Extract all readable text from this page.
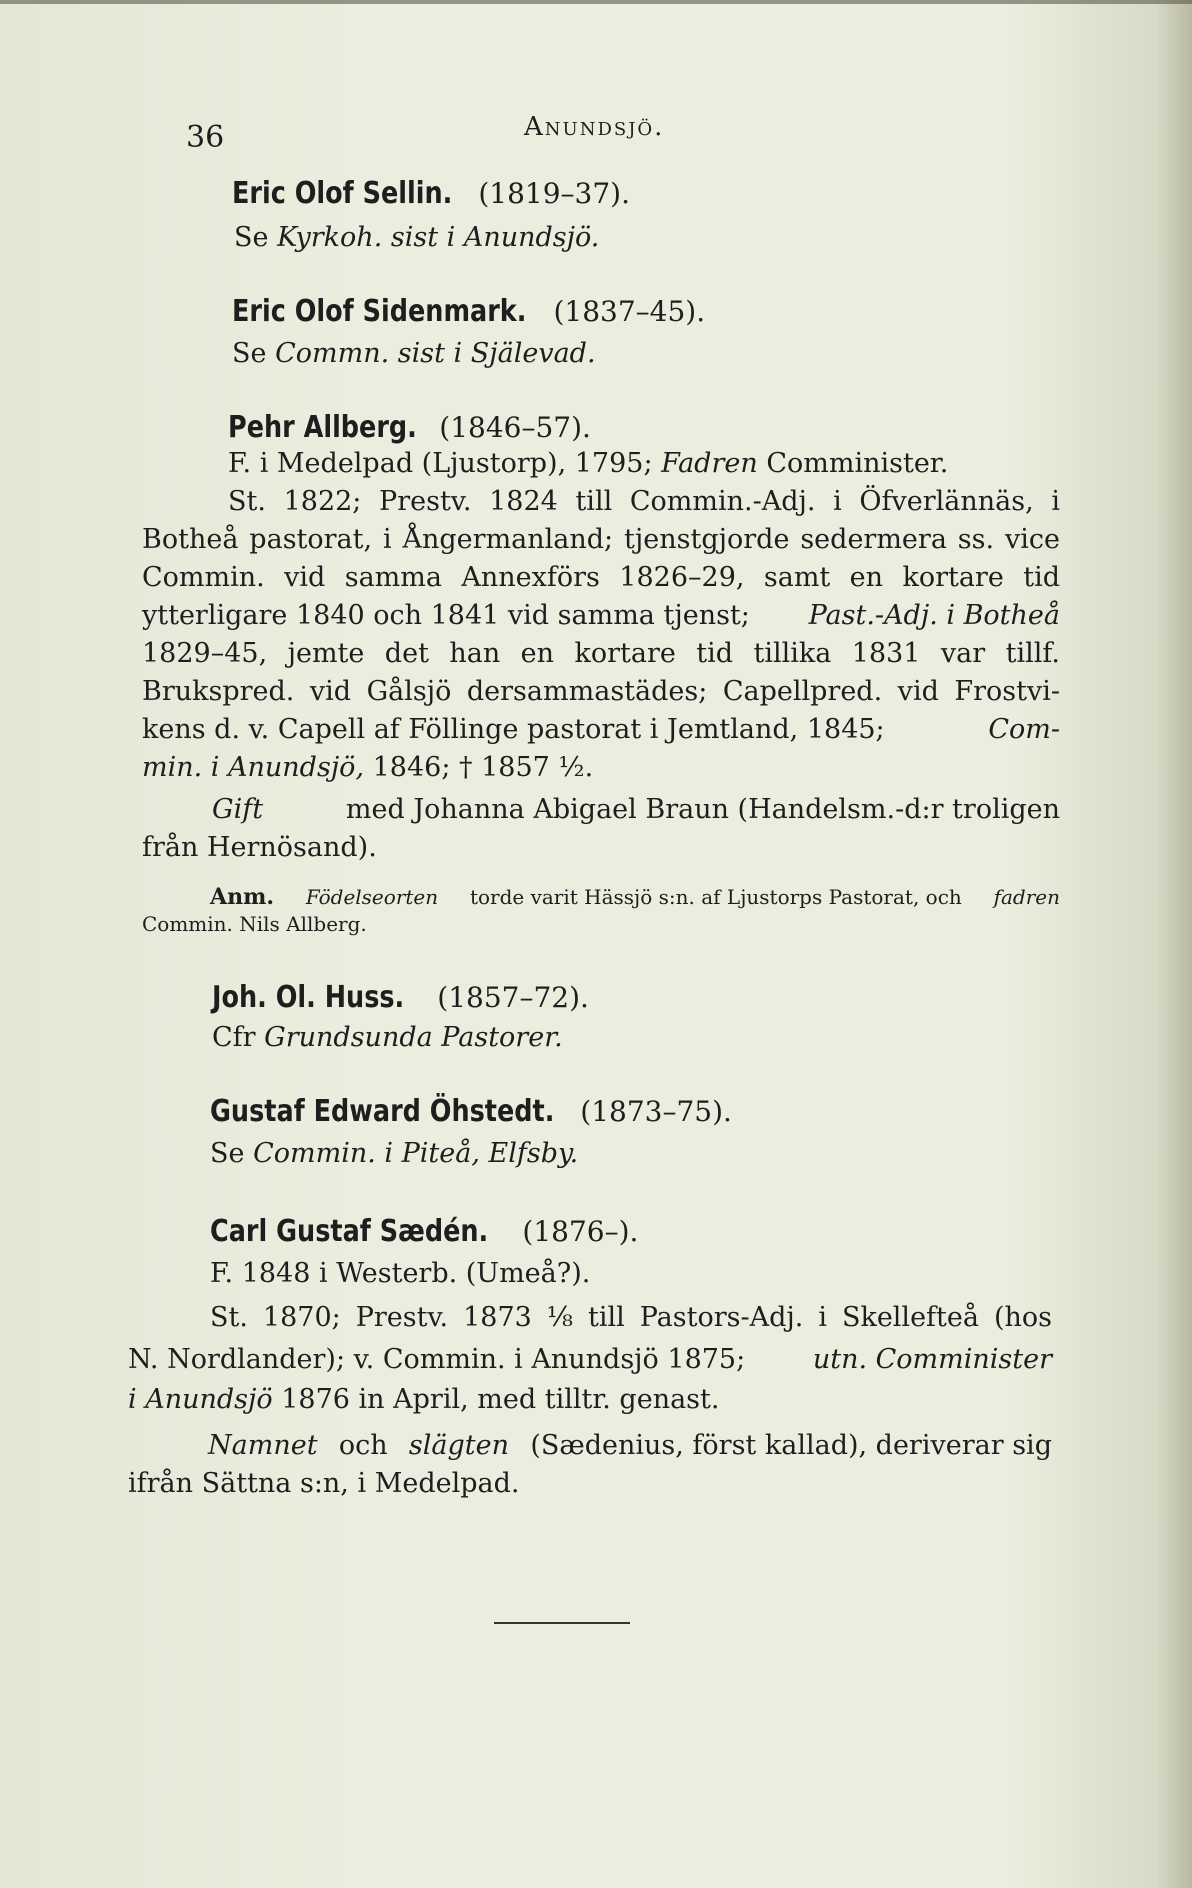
36	Anundsjö.
Eric Olof Sellin. (1819–37).
Se Kyrkoh. sist i Anundsjö.
Eric Olof Sidenmark. (1837–45).
Se Commn. sist i Själevad.
Pehr Allberg. (1846–57).
F. i Medelpad (Ljustorp), 1795; Fadren Comminister.
St. 1822; Prestv. 1824 till Commin.-Adj. i Öfverlännäs, i
Botheå pastorat, i Ångermanland; tjenstgjorde sedermera ss. vice
Commin. vid samma Annexförs 1826–29, samt en kortare tid
ytterligare 1840 och 1841 vid samma tjenst; Past.-Adj. i Botheå
1829–45, jemte det han en kortare tid tillika 1831 var tillf.
Brukspred. vid Gålsjö dersammastädes; Capellpred. vid Frostvi-
kens d. v. Capell af Föllinge pastorat i Jemtland, 1845;	Com-
min. i Anundsjö, 1846; † 1857 ½.
Gift	med Johanna Abigael Braun (Handelsm.-d:r troligen
från Hernösand).
Anm. Födelseorten torde varit Hässjö s:n. af Ljustorps Pastorat, och fadren
Commin. Nils Allberg.
Joh. Ol. Huss. (1857–72).
Cfr Grundsunda Pastorer.
Gustaf Edward Öhstedt. (1873–75).
Se Commin. i Piteå, Elfsby.
Carl Gustaf Sædén. (1876–).
F. 1848 i Westerb. (Umeå?).
St. 1870; Prestv. 1873 ⅛ till Pastors-Adj. i Skellefteå (hos
N. Nordlander); v. Commin. i Anundsjö 1875;	utn. Comminister
i Anundsjö 1876 in April, med tilltr. genast.
Namnet och slägten (Sædenius, först kallad), deriverar sig
ifrån Sättna s:n, i Medelpad.
